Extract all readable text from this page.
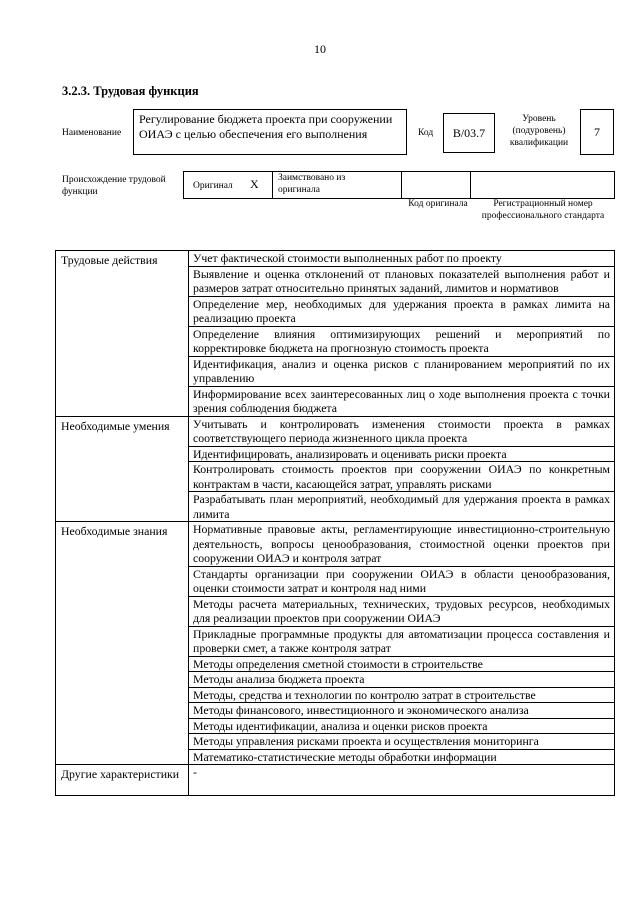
10
3.2.3. Трудовая функция
Наименование
Регулирование бюджета проекта при сооружении ОИАЭ с целью обеспечения его выполнения	Код B/03.7
Уровень (подуровень) квалификации
7
Происхождение трудовой функции
Оригинал X Заимствовано из оригинала
Код оригинала	Регистрационный номер профессионального стандарта
Трудовые действия	Учет фактической стоимости выполненных работ по проекту
	Выявление и оценка отклонений от плановых показателей выполнения работ и размеров затрат относительно принятых заданий, лимитов и нормативов
	Определение мер, необходимых для удержания проекта в рамках лимита на реализацию проекта
	Определение влияния оптимизирующих решений и мероприятий по корректировке бюджета на прогнозную стоимость проекта
	Идентификация, анализ и оценка рисков с планированием мероприятий по их управлению
	Информирование всех заинтересованных лиц о ходе выполнения проекта с точки зрения соблюдения бюджета
Необходимые умения	Учитывать и контролировать изменения стоимости проекта в рамках соответствующего периода жизненного цикла проекта
	Идентифицировать, анализировать и оценивать риски проекта
	Контролировать стоимость проектов при сооружении ОИАЭ по конкретным контрактам в части, касающейся затрат, управлять рисками
	Разрабатывать план мероприятий, необходимый для удержания проекта в рамках лимита
Необходимые знания	Нормативные правовые акты, регламентирующие инвестиционно-строительную деятельность, вопросы ценообразования, стоимостной оценки проектов при сооружении ОИАЭ и контроля затрат
	Стандарты организации при сооружении ОИАЭ в области ценообразования, оценки стоимости затрат и контроля над ними
	Методы расчета материальных, технических, трудовых ресурсов, необходимых для реализации проектов при сооружении ОИАЭ
	Прикладные программные продукты для автоматизации процесса составления и проверки смет, а также контроля затрат
	Методы определения сметной стоимости в строительстве
	Методы анализа бюджета проекта
	Методы, средства и технологии по контролю затрат в строительстве
	Методы финансового, инвестиционного и экономического анализа
	Методы идентификации, анализа и оценки рисков проекта
	Методы управления рисками проекта и осуществления мониторинга
	Математико-статистические методы обработки информации
Другие характеристики	-
